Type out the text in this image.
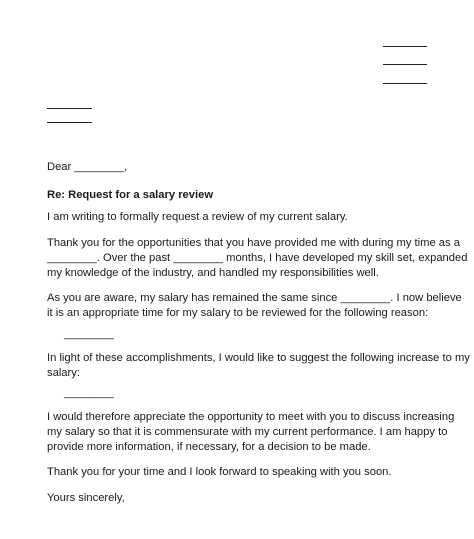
Dear ________,
Re: Request for a salary review
I am writing to formally request a review of my current salary.
Thank you for the opportunities that you have provided me with during my time as a
________. Over the past ________ months, I have developed my skill set, expanded
my knowledge of the industry, and handled my responsibilities well.
As you are aware, my salary has remained the same since ________. I now believe
it is an appropriate time for my salary to be reviewed for the following reason:
________
In light of these accomplishments, I would like to suggest the following increase to my
salary:
________
I would therefore appreciate the opportunity to meet with you to discuss increasing
my salary so that it is commensurate with my current performance. I am happy to
provide more information, if necessary, for a decision to be made.
Thank you for your time and I look forward to speaking with you soon.
Yours sincerely,
